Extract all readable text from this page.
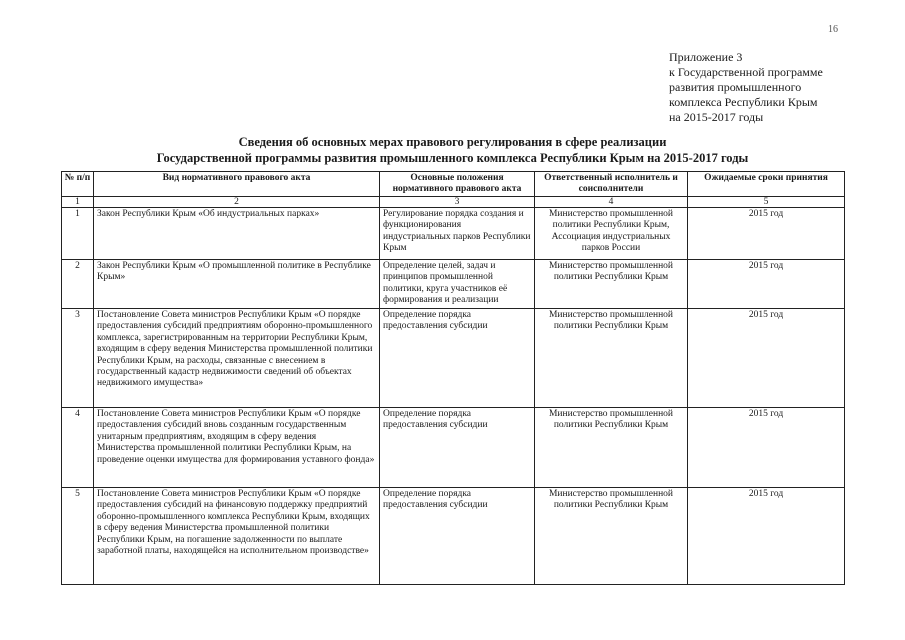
16
Приложение 3
к Государственной программе
развития промышленного
комплекса Республики Крым
на 2015-2017 годы
Сведения об основных мерах правового регулирования в сфере реализации
Государственной программы развития промышленного комплекса Республики Крым на 2015-2017 годы
№ п/п	Вид нормативного правового акта	Основные положения нормативного правового акта	Ответственный исполнитель и соисполнители	Ожидаемые сроки принятия
1	2	3	4	5
1	Закон Республики Крым «Об индустриальных парках»	Регулирование порядка создания и функционирования индустриальных парков Республики Крым	Министерство промышленной политики Республики Крым, Ассоциация индустриальных парков России	2015 год
2	Закон Республики Крым «О промышленной политике в Республике Крым»	Определение целей, задач и принципов промышленной политики, круга участников её формирования и реализации	Министерство промышленной политики Республики Крым	2015 год
3	Постановление Совета министров Республики Крым «О порядке предоставления субсидий предприятиям оборонно-промышленного комплекса, зарегистрированным на территории Республики Крым, входящим в сферу ведения Министерства промышленной политики Республики Крым, на расходы, связанные с внесением в государственный кадастр недвижимости сведений об объектах недвижимого имущества»	Определение порядка предоставления субсидии	Министерство промышленной политики Республики Крым	2015 год
4	Постановление Совета министров Республики Крым «О порядке предоставления субсидий вновь созданным государственным унитарным предприятиям, входящим в сферу ведения Министерства промышленной политики Республики Крым, на проведение оценки имущества для формирования уставного фонда»	Определение порядка предоставления субсидии	Министерство промышленной политики Республики Крым	2015 год
5	Постановление Совета министров Республики Крым «О порядке предоставления субсидий на финансовую поддержку предприятий оборонно-промышленного комплекса Республики Крым, входящих в сферу ведения Министерства промышленной политики Республики Крым, на погашение задолженности по выплате заработной платы, находящейся на исполнительном производстве»	Определение порядка предоставления субсидии	Министерство промышленной политики Республики Крым	2015 год
